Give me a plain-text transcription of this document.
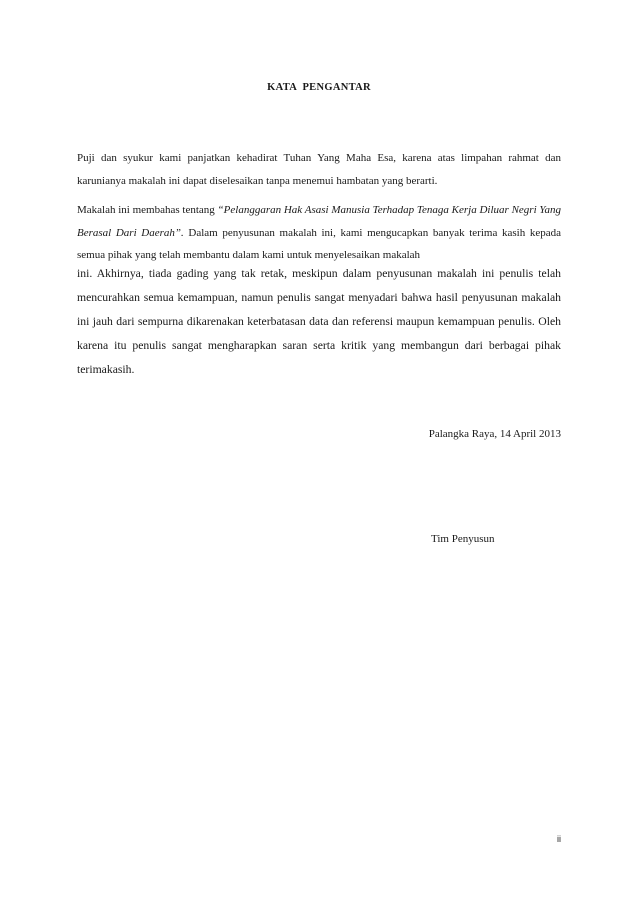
KATA PENGANTAR

Puji dan syukur kami panjatkan kehadirat Tuhan Yang Maha Esa, karena atas limpahan rahmat dan karunianya makalah ini dapat diselesaikan tanpa menemui hambatan yang berarti.

Makalah ini membahas tentang “Pelanggaran Hak Asasi Manusia Terhadap Tenaga Kerja Diluar Negri Yang Berasal Dari Daerah”. Dalam penyusunan makalah ini, kami mengucapkan banyak terima kasih kepada semua pihak yang telah membantu dalam kami untuk menyelesaikan makalah

ini. Akhirnya, tiada gading yang tak retak, meskipun dalam penyusunan makalah ini penulis telah mencurahkan semua kemampuan, namun penulis sangat menyadari bahwa hasil penyusunan makalah ini jauh dari sempurna dikarenakan keterbatasan data dan referensi maupun kemampuan penulis. Oleh karena itu penulis sangat mengharapkan saran serta kritik yang membangun dari berbagai pihak terimakasih.

Palangka Raya, 14 April 2013
Tim Penyusun
ii
